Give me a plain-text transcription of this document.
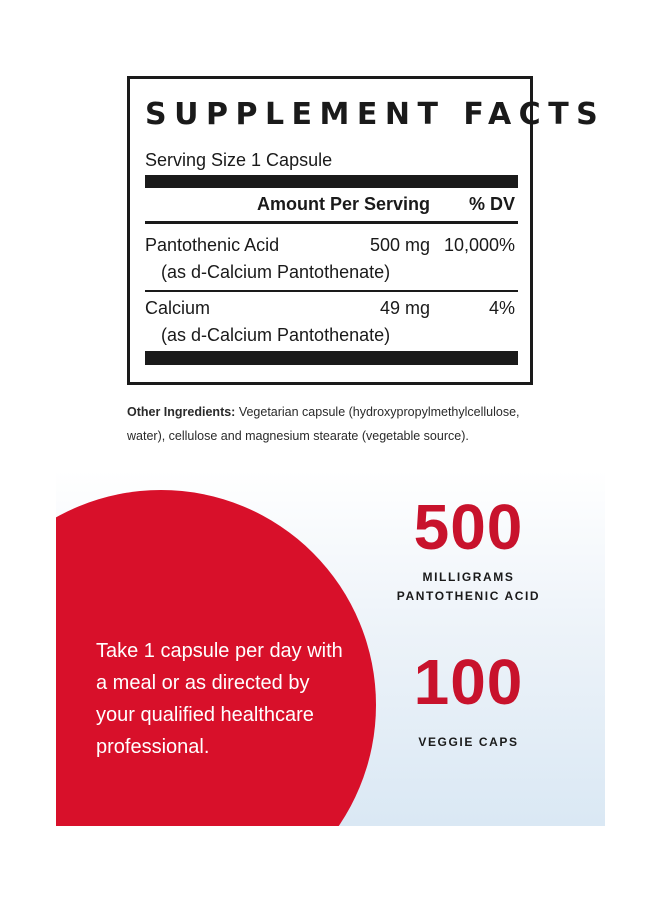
SUPPLEMENT FACTS
Serving Size 1 Capsule
Amount Per Serving % DV
Pantothenic Acid	500 mg 10,000%
(as d-Calcium Pantothenate)
Calcium	49 mg	4%
(as d-Calcium Pantothenate)
Other Ingredients: Vegetarian capsule (hydroxypropylmethylcellulose, water), cellulose and magnesium stearate (vegetable source).
Take 1 capsule per day with a meal or as directed by your qualified healthcare professional.
500
MILLIGRAMS
PANTOTHENIC ACID
100
VEGGIE CAPS
